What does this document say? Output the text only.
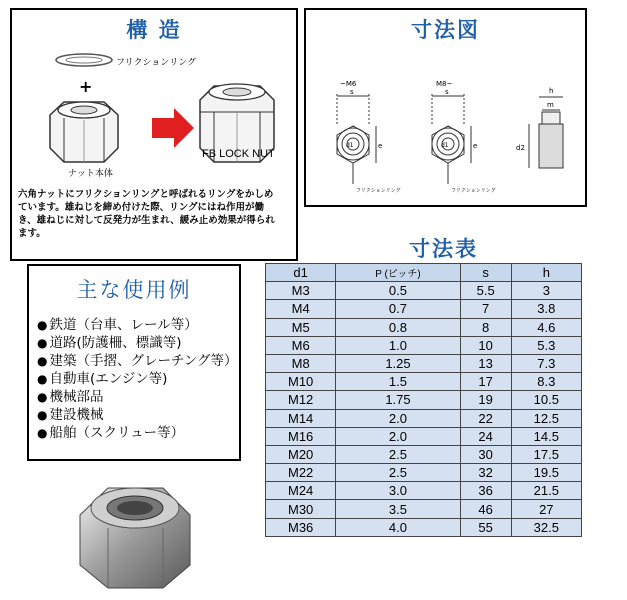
構 造
+
フリクションリング
ナット本体
FB LOCK NUT
六角ナットにフリクションリングと呼ばれるリングをかしめています。雄ねじを締め付けた際、リングにはね作用が働き、雄ねじに対して反発力が生まれ、緩み止め効果が得られます。
寸法図
~M6	M8~
s	s
e	e
d1	d1
h
m
d2
フリクションリング	フリクションリング
主な使用例
● 鉄道（台車、レール等）
● 道路(防護柵、標識等)
● 建築（手摺、グレーチング等）
● 自動車(エンジン等)
● 機械部品
● 建設機械
● 船舶（スクリュー等）
寸法表
d1	P (ピッチ)	s	h
M3	0.5	5.5	3
M4	0.7	7	3.8
M5	0.8	8	4.6
M6	1.0	10	5.3
M8	1.25	13	7.3
M10	1.5	17	8.3
M12	1.75	19	10.5
M14	2.0	22	12.5
M16	2.0	24	14.5
M20	2.5	30	17.5
M22	2.5	32	19.5
M24	3.0	36	21.5
M30	3.5	46	27
M36	4.0	55	32.5
